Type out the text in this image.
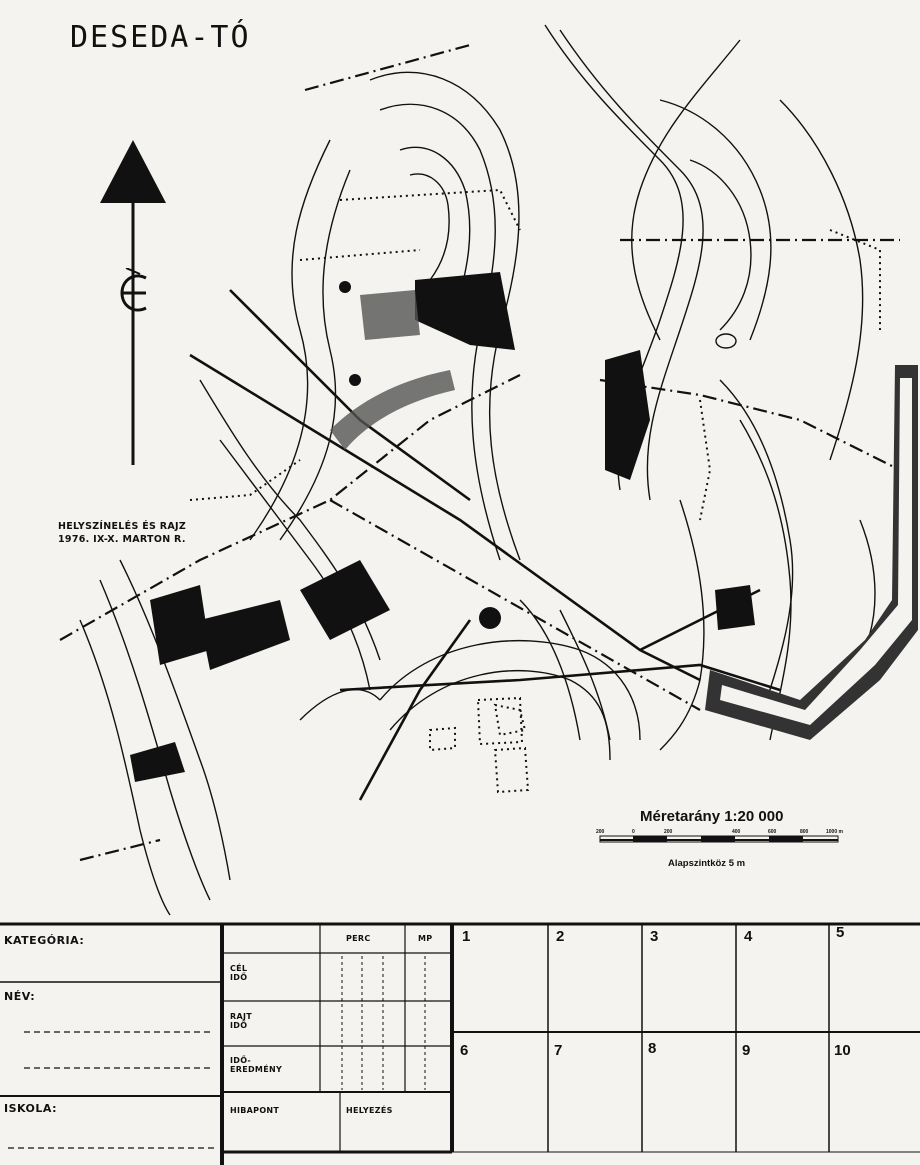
DESEDA-TÓ
HELYSZÍNELÉS ÉS RAJZ
1976. IX-X. MARTON R.
Méretarány 1:20 000
200	0	200	400	600	800	1000 m
Alapszintköz 5 m
KATEGÓRIA:
NÉV:
ISKOLA:
PERC	MP
CÉL IDŐ
RAJT IDŐ
IDŐ-EREDMÉNY
HIBAPONT	HELYEZÉS
1	2	3	4	5
6	7	8	9	10
